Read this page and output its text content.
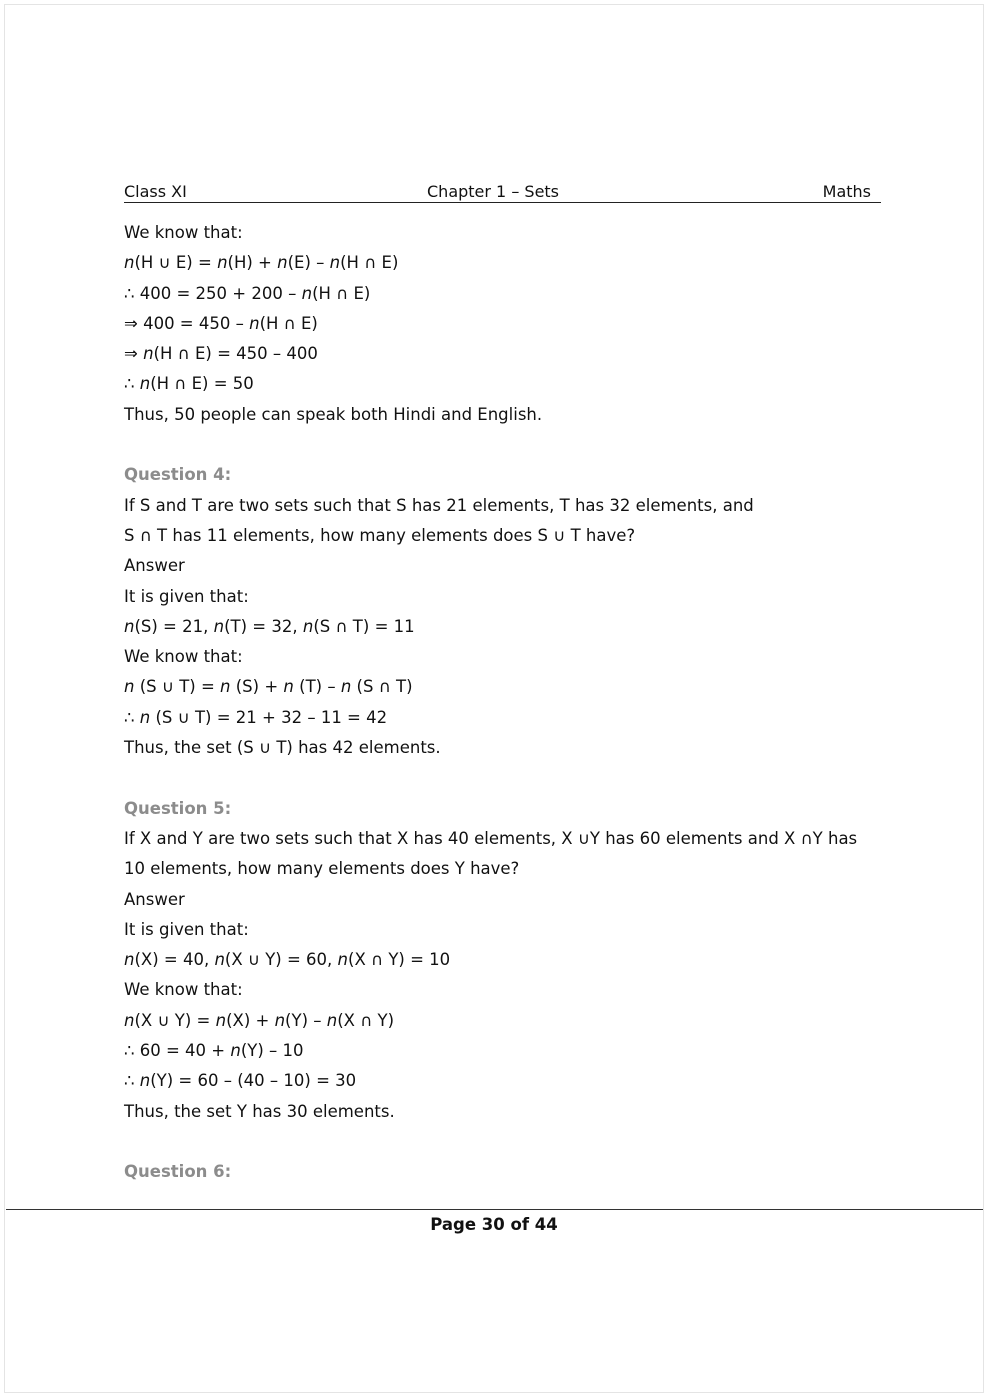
Class XI	Chapter 1 – Sets	Maths
We know that:
n(H ∪ E) = n(H) + n(E) – n(H ∩ E)
∴ 400 = 250 + 200 – n(H ∩ E)
⇒ 400 = 450 – n(H ∩ E)
⇒ n(H ∩ E) = 450 – 400
∴ n(H ∩ E) = 50
Thus, 50 people can speak both Hindi and English.
Question 4:
If S and T are two sets such that S has 21 elements, T has 32 elements, and
S ∩ T has 11 elements, how many elements does S ∪ T have?
Answer
It is given that:
n(S) = 21, n(T) = 32, n(S ∩ T) = 11
We know that:
n (S ∪ T) = n (S) + n (T) – n (S ∩ T)
∴ n (S ∪ T) = 21 + 32 – 11 = 42
Thus, the set (S ∪ T) has 42 elements.
Question 5:
If X and Y are two sets such that X has 40 elements, X ∪Y has 60 elements and X ∩Y has
10 elements, how many elements does Y have?
Answer
It is given that:
n(X) = 40, n(X ∪ Y) = 60, n(X ∩ Y) = 10
We know that:
n(X ∪ Y) = n(X) + n(Y) – n(X ∩ Y)
∴ 60 = 40 + n(Y) – 10
∴ n(Y) = 60 – (40 – 10) = 30
Thus, the set Y has 30 elements.
Question 6:
Page 30 of 44
